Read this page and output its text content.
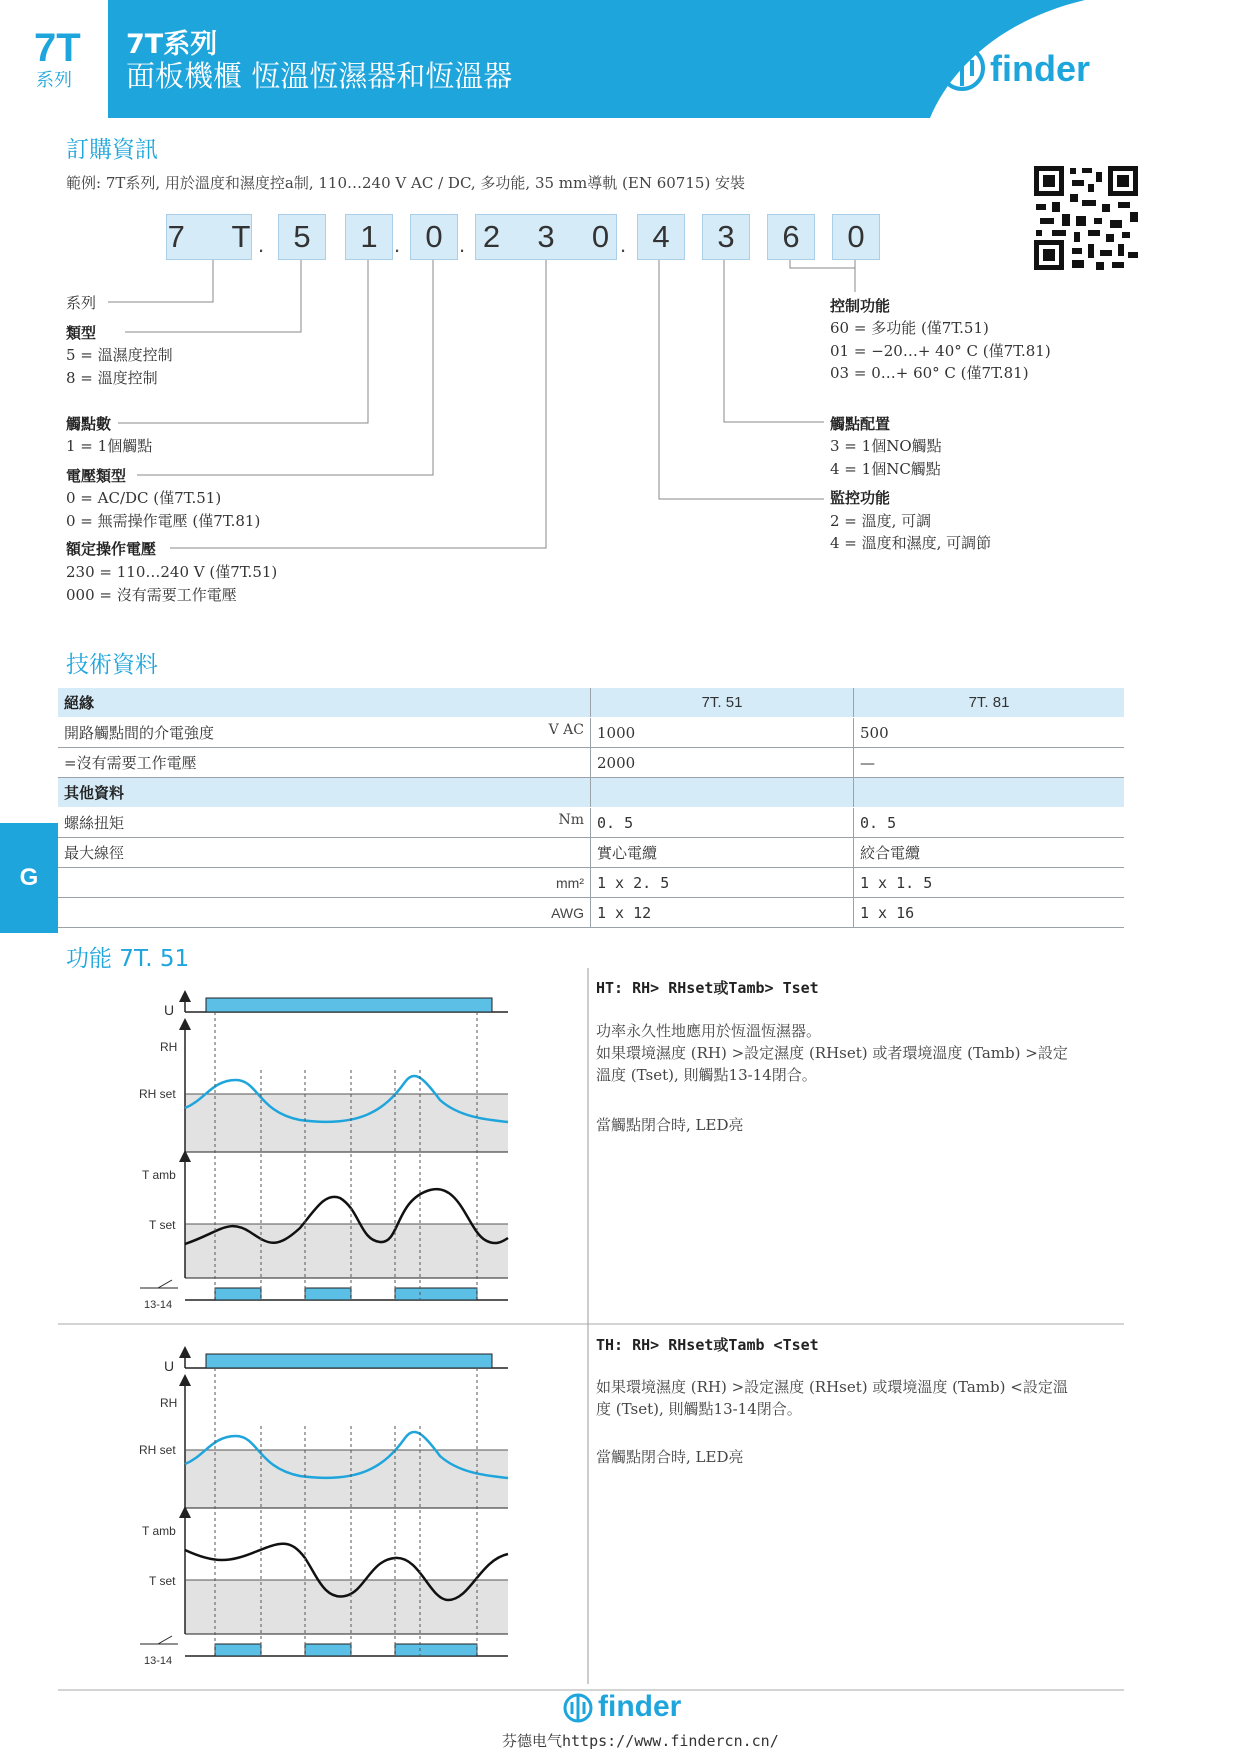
7T
系列
7T系列
面板機櫃 恆溫恆濕器和恆溫器	finder
訂購資訊
範例: 7T系列, 用於溫度和濕度控a制, 110…240 V AC / DC, 多功能, 35 mm導軌 (EN 60715) 安裝
7 T . 5	1 . 0 . 2 3 0 . 4	3	6	0
系列
類型
5 = 溫濕度控制
8 = 溫度控制
觸點數
1 = 1個觸點
電壓類型
0 = AC/DC (僅7T.51)
0 = 無需操作電壓 (僅7T.81)
額定操作電壓
230 = 110…240 V (僅7T.51)
000 = 沒有需要工作電壓
控制功能
60 = 多功能 (僅7T.51)
01 = −20…+ 40° C (僅7T.81)
03 = 0…+ 60° C (僅7T.81)
觸點配置
3 = 1個NO觸點
4 = 1個NC觸點
監控功能
2 = 溫度, 可調
4 = 溫度和濕度, 可調節
技術資料
絕緣	7T. 51	7T. 81

V AC
開路觸點間的介電強度	1000	500
=沒有需要工作電壓	2000	—
其他資料		

Nm
螺絲扭矩	0. 5	0. 5
最大線徑	實心電纜	絞合電纜

mm²	1 x 2. 5	1 x 1. 5

AWG	1 x 12	1 x 16
G
功能 7T. 51
U
RH
RH set
T amb
T set
13-14
U
RH
RH set
T amb
T set
13-14
HT: RH> RHset或Tamb> Tset
功率永久性地應用於恆溫恆濕器。
如果環境濕度 (RH) >設定濕度 (RHset) 或者環境溫度 (Tamb) >設定
溫度 (Tset), 則觸點13-14閉合。
當觸點閉合時, LED亮
TH: RH> RHset或Tamb <Tset
如果環境濕度 (RH) >設定濕度 (RHset) 或環境溫度 (Tamb) <設定溫
度 (Tset), 則觸點13-14閉合。
當觸點閉合時, LED亮
finder
芬德电气https://www.findercn.cn/
